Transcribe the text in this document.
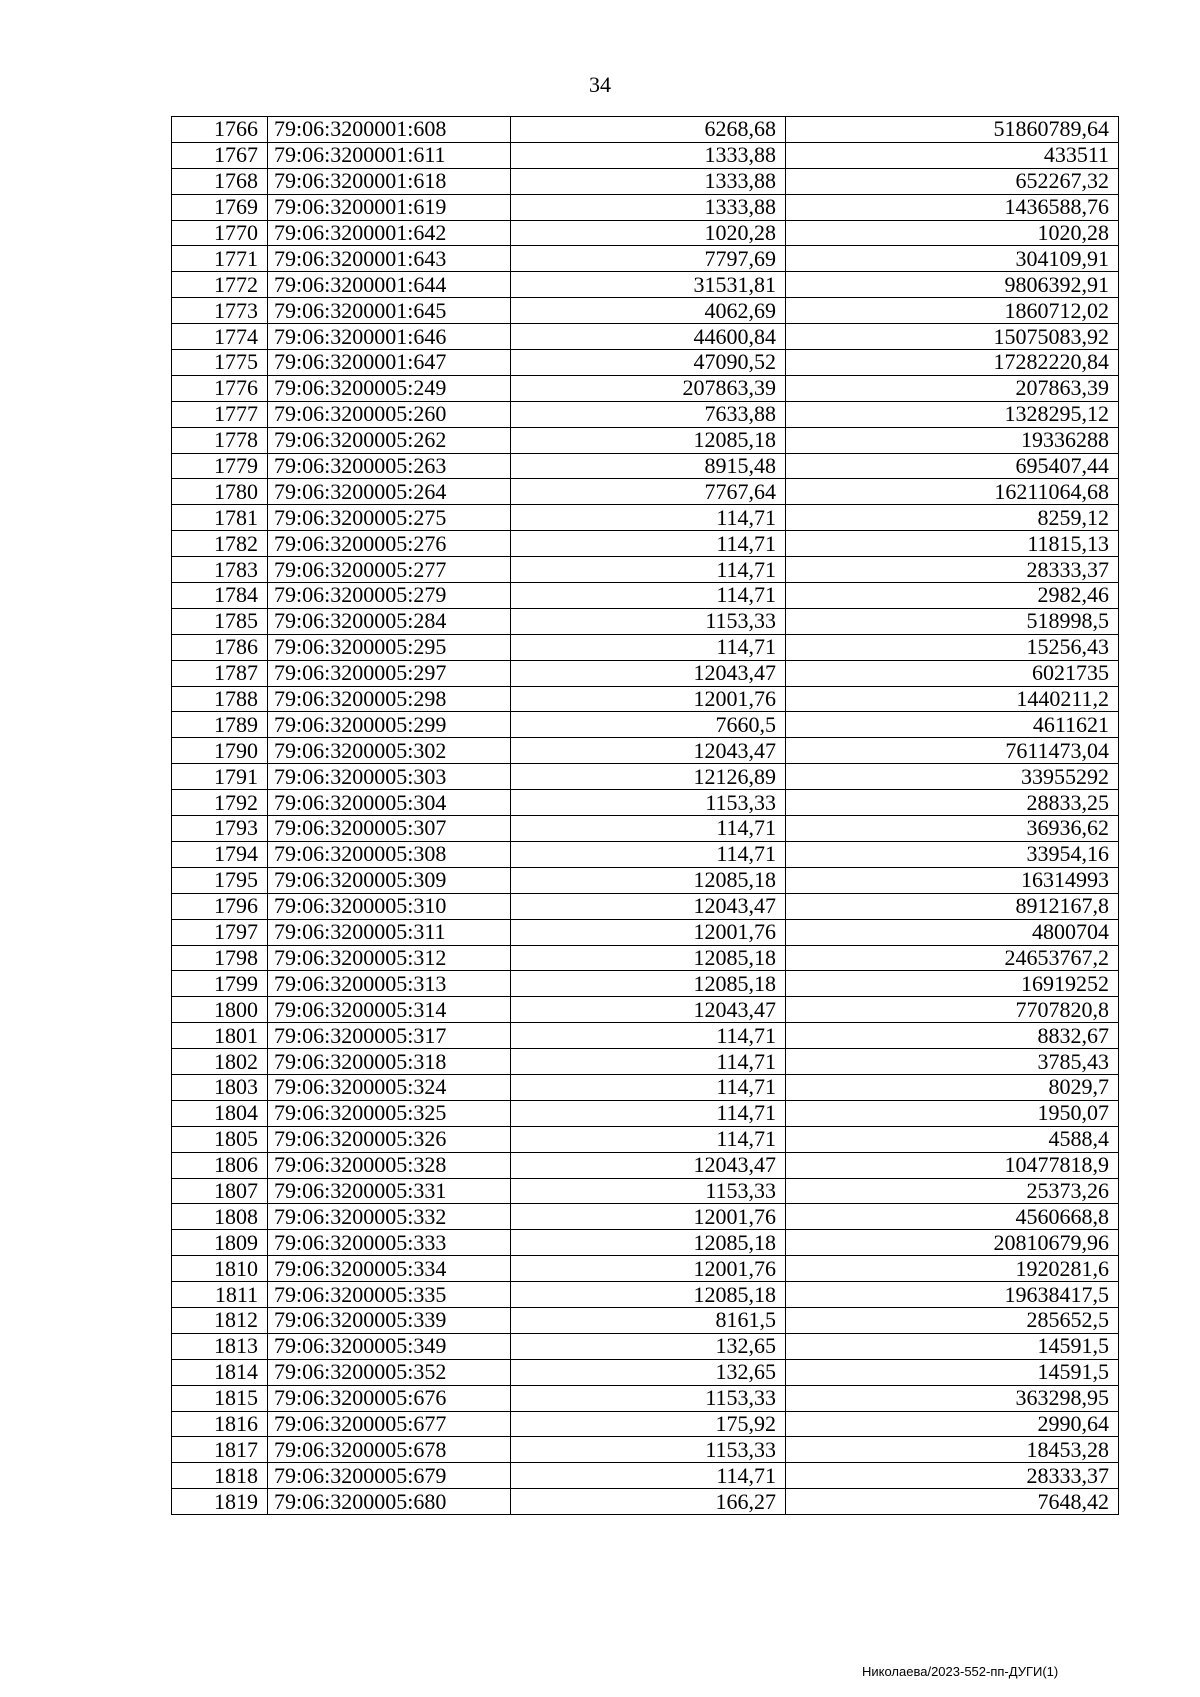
34
1766	79:06:3200001:608	6268,68	51860789,64
1767	79:06:3200001:611	1333,88	433511
1768	79:06:3200001:618	1333,88	652267,32
1769	79:06:3200001:619	1333,88	1436588,76
1770	79:06:3200001:642	1020,28	1020,28
1771	79:06:3200001:643	7797,69	304109,91
1772	79:06:3200001:644	31531,81	9806392,91
1773	79:06:3200001:645	4062,69	1860712,02
1774	79:06:3200001:646	44600,84	15075083,92
1775	79:06:3200001:647	47090,52	17282220,84
1776	79:06:3200005:249	207863,39	207863,39
1777	79:06:3200005:260	7633,88	1328295,12
1778	79:06:3200005:262	12085,18	19336288
1779	79:06:3200005:263	8915,48	695407,44
1780	79:06:3200005:264	7767,64	16211064,68
1781	79:06:3200005:275	114,71	8259,12
1782	79:06:3200005:276	114,71	11815,13
1783	79:06:3200005:277	114,71	28333,37
1784	79:06:3200005:279	114,71	2982,46
1785	79:06:3200005:284	1153,33	518998,5
1786	79:06:3200005:295	114,71	15256,43
1787	79:06:3200005:297	12043,47	6021735
1788	79:06:3200005:298	12001,76	1440211,2
1789	79:06:3200005:299	7660,5	4611621
1790	79:06:3200005:302	12043,47	7611473,04
1791	79:06:3200005:303	12126,89	33955292
1792	79:06:3200005:304	1153,33	28833,25
1793	79:06:3200005:307	114,71	36936,62
1794	79:06:3200005:308	114,71	33954,16
1795	79:06:3200005:309	12085,18	16314993
1796	79:06:3200005:310	12043,47	8912167,8
1797	79:06:3200005:311	12001,76	4800704
1798	79:06:3200005:312	12085,18	24653767,2
1799	79:06:3200005:313	12085,18	16919252
1800	79:06:3200005:314	12043,47	7707820,8
1801	79:06:3200005:317	114,71	8832,67
1802	79:06:3200005:318	114,71	3785,43
1803	79:06:3200005:324	114,71	8029,7
1804	79:06:3200005:325	114,71	1950,07
1805	79:06:3200005:326	114,71	4588,4
1806	79:06:3200005:328	12043,47	10477818,9
1807	79:06:3200005:331	1153,33	25373,26
1808	79:06:3200005:332	12001,76	4560668,8
1809	79:06:3200005:333	12085,18	20810679,96
1810	79:06:3200005:334	12001,76	1920281,6
1811	79:06:3200005:335	12085,18	19638417,5
1812	79:06:3200005:339	8161,5	285652,5
1813	79:06:3200005:349	132,65	14591,5
1814	79:06:3200005:352	132,65	14591,5
1815	79:06:3200005:676	1153,33	363298,95
1816	79:06:3200005:677	175,92	2990,64
1817	79:06:3200005:678	1153,33	18453,28
1818	79:06:3200005:679	114,71	28333,37
1819	79:06:3200005:680	166,27	7648,42
Николаева/2023-552-пп-ДУГИ(1)
